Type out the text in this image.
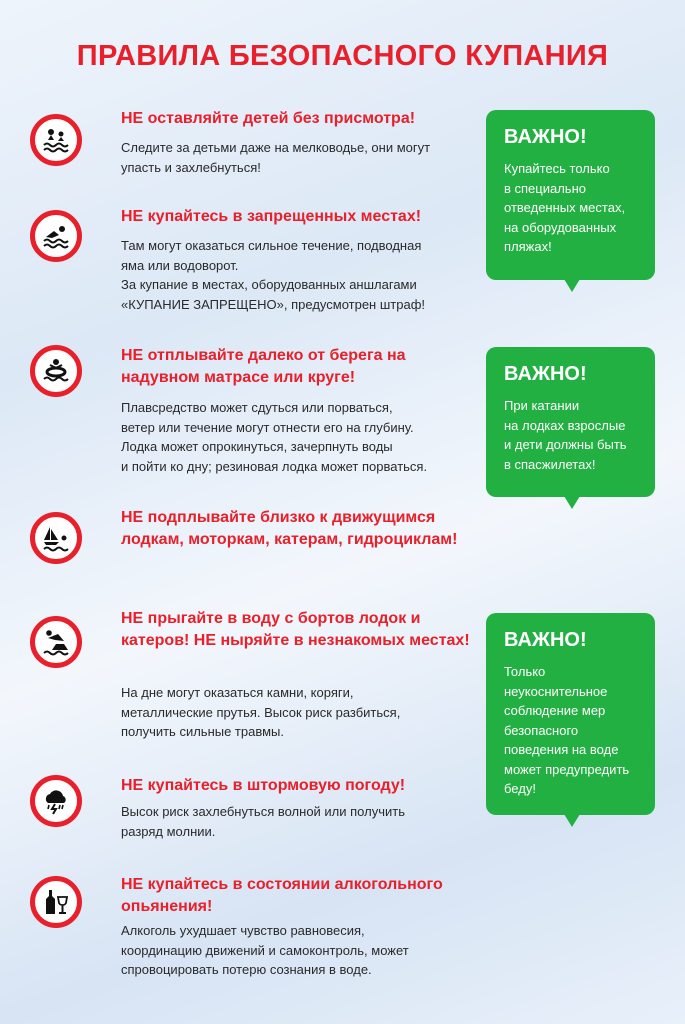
ПРАВИЛА БЕЗОПАСНОГО КУПАНИЯ
НЕ оставляйте детей без присмотра!
Следите за детьми даже на мелководье, они могут
упасть и захлебнуться!
НЕ купайтесь в запрещенных местах!
Там могут оказаться сильное течение, подводная
яма или водоворот.
За купание в местах, оборудованных аншлагами
«КУПАНИЕ ЗАПРЕЩЕНО», предусмотрен штраф!
НЕ отплывайте далеко от берега на надувном матрасе или круге!
Плавсредство может сдуться или порваться,
ветер или течение могут отнести его на глубину.
Лодка может опрокинуться, зачерпнуть воды
и пойти ко дну; резиновая лодка может порваться.
НЕ подплывайте близко к движущимся лодкам, моторкам, катерам, гидроциклам!
НЕ прыгайте в воду с бортов лодок и катеров! НЕ ныряйте в незнакомых местах!
На дне могут оказаться камни, коряги,
металлические прутья. Высок риск разбиться,
получить сильные травмы.
НЕ купайтесь в штормовую погоду!
Высок риск захлебнуться волной или получить
разряд молнии.
НЕ купайтесь в состоянии алкогольного опьянения!
Алкоголь ухудшает чувство равновесия,
координацию движений и самоконтроль, может
спровоцировать потерю сознания в воде.
ВАЖНО!
Купайтесь только
в специально
отведенных местах,
на оборудованных
пляжах!
ВАЖНО!
При катании
на лодках взрослые
и дети должны быть
в спасжилетах!
ВАЖНО!
Только
неукоснительное
соблюдение мер
безопасного
поведения на воде
может предупредить
беду!
